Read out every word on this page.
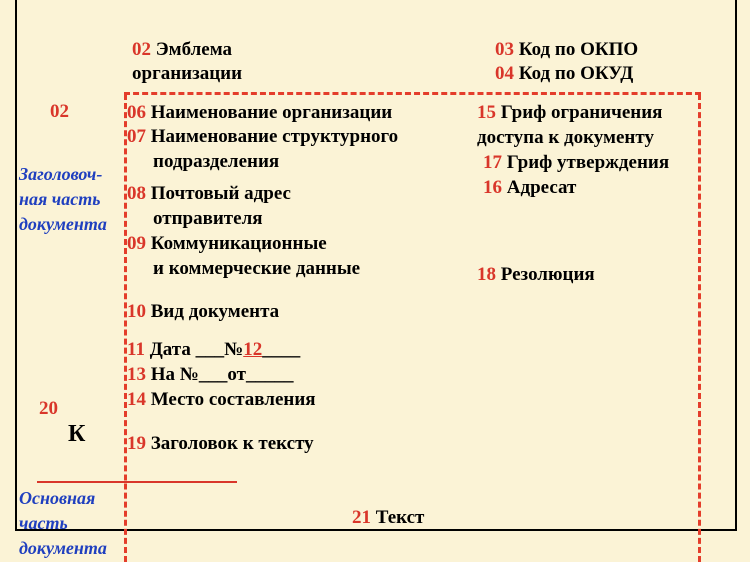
02 Эмблема
организации
03 Код по ОКПО
04 Код по ОКУД
02
Заголовоч-
ная часть
документа
06 Наименование организации
07 Наименование структурного
подразделения
08 Почтовый адрес
отправителя
09 Коммуникационные
и коммерческие данные
10 Вид документа
11 Дата ___№12____
13 На №___от_____
14 Место составления
19 Заголовок к тексту
15 Гриф ограничения
доступа к документу
17 Гриф утверждения
16 Адресат
18 Резолюция
20
К
Основная
часть
документа
21 Текст
